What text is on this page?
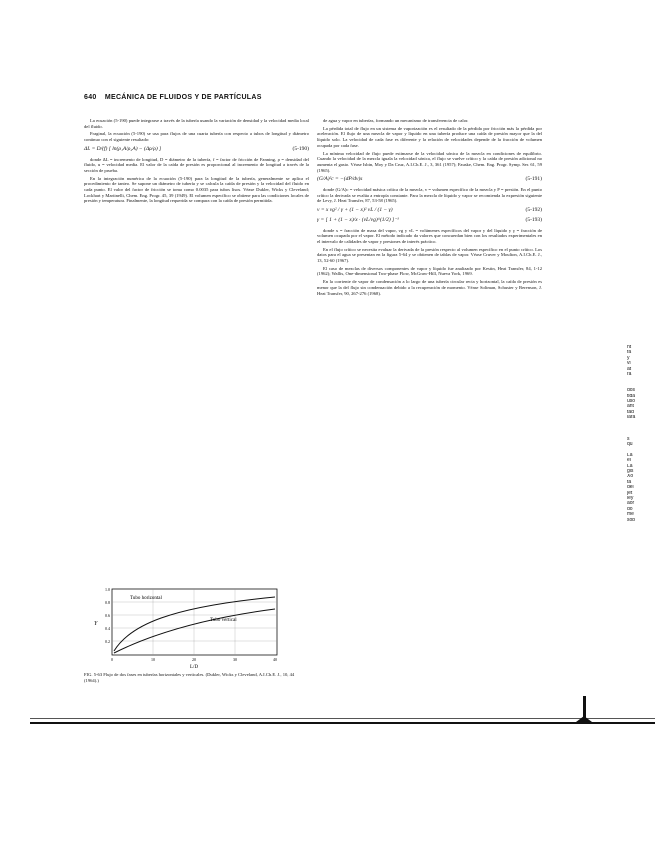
640 MECÁNICA DE FLUIDOS Y DE PARTÍCULAS

La ecuación (5-190) puede integrarse a través de la tubería usando la variación de densidad y la velocidad media local del fluido.

Fraginal, la ecuación (5-190) se usa para flujos de una cuarta tubería con respecto a tubos de longitud y diámetro continuo con el siguiente resultado:

ΔL = D/(f) [ ln(ρ₁A/ρ₂A) − (Δρ/ρ) ]	(5-190)

donde ΔL = incremento de longitud, D = diámetro de la tubería, f = factor de fricción de Fanning, ρ = densidad del fluido, u = velocidad media. El valor de la caída de presión es proporcional al incremento de longitud a través de la sección de prueba.

En la integración numérica de la ecuación (5-190) para la longitud de la tubería, generalmente se aplica el procedimiento de tanteo. Se supone un diámetro de tubería y se calcula la caída de presión y la velocidad del fluido en cada punto. El valor del factor de fricción se toma como 0.0035 para tubos lisos. Véase Dukler, Wicks y Cleveland; Lockhart y Martinelli, Chem. Eng. Progr. 45, 39 (1949). El volumen específico se obtiene para las condiciones locales de presión y temperatura. Finalmente, la longitud requerida se compara con la caída de presión permitida.

Tubo horizontal
Tubo vertical
Y
L/D
1.0
0.8
0.6
0.4
0.2
0	10	20	30	40
FIG. 5-63 Flujo de dos fases en tuberías horizontales y verticales. (Dukler, Wicks y Cleveland, A.I.Ch.E. J., 10, 44 (1964).)

de agua y vapor en tuberías, formando un mecanismo de transferencia de calor.

La pérdida total de flujo en un sistema de vaporización es el resultado de la pérdida por fricción más la pérdida por aceleración. El flujo de una mezcla de vapor y líquido en una tubería produce una caída de presión mayor que la del líquido solo. La velocidad de cada fase es diferente y la relación de velocidades depende de la fracción de volumen ocupada por cada fase.

La mínima velocidad de flujo puede estimarse de la velocidad sónica de la mezcla en condiciones de equilibrio. Cuando la velocidad de la mezcla iguala la velocidad sónica, el flujo se vuelve crítico y la caída de presión adicional no aumenta el gasto. Véase Isbin, Moy y Da Cruz, A.I.Ch.E. J., 3, 361 (1957); Fauske, Chem. Eng. Progr. Symp. Ser. 61, 59 (1965).

(G/A)²c = −(dP/dv)s	(5-191)

donde (G/A)c = velocidad másica crítica de la mezcla, v = volumen específico de la mezcla y P = presión. En el punto crítico la derivada se evalúa a entropía constante. Para la mezcla de líquido y vapor se recomienda la expresión siguiente de Levy, J. Heat Transfer, 87, 53-58 (1965).

ν = x vg² / γ + (1 − x)² vL / (1 − γ)	(5-192)
γ = [ 1 + (1 − x)/x · (vL/vg)^(1/2) ]⁻¹	(5-193)

donde x = fracción de masa del vapor, vg y vL = volúmenes específicos del vapor y del líquido y γ = fracción de volumen ocupada por el vapor. El método indicado da valores que concuerdan bien con los resultados experimentales en el intervalo de calidades de vapor y presiones de interés práctico.

En el flujo crítico se necesita evaluar la derivada de la presión respecto al volumen específico en el punto crítico. Los datos para el agua se presentan en la figura 5-64 y se obtienen de tablas de vapor. Véase Cruver y Moulton, A.I.Ch.E. J., 13, 52-60 (1967).

El caso de mezclas de diversos componentes de vapor y líquido fue analizado por Kestin, Heat Transfer, 84, 1-12 (1962); Wallis, One-dimensional Two-phase Flow, McGraw-Hill, Nueva York, 1969.

En la corriente de vapor de condensación a lo largo de una tubería circular recta y horizontal, la caída de presión es menor que la del flujo sin condensación debido a la recuperación de momento. Véase Soliman, Schuster y Berenson, J. Heat Transfer, 90, 267-276 (1968).

nt
fa
y
vi
at
ra
dos
tida
uso
ant
tad
lara
s
qu
La
el
La
gis
Xo
ta
del
jet
ley
aor
do
me
sob
